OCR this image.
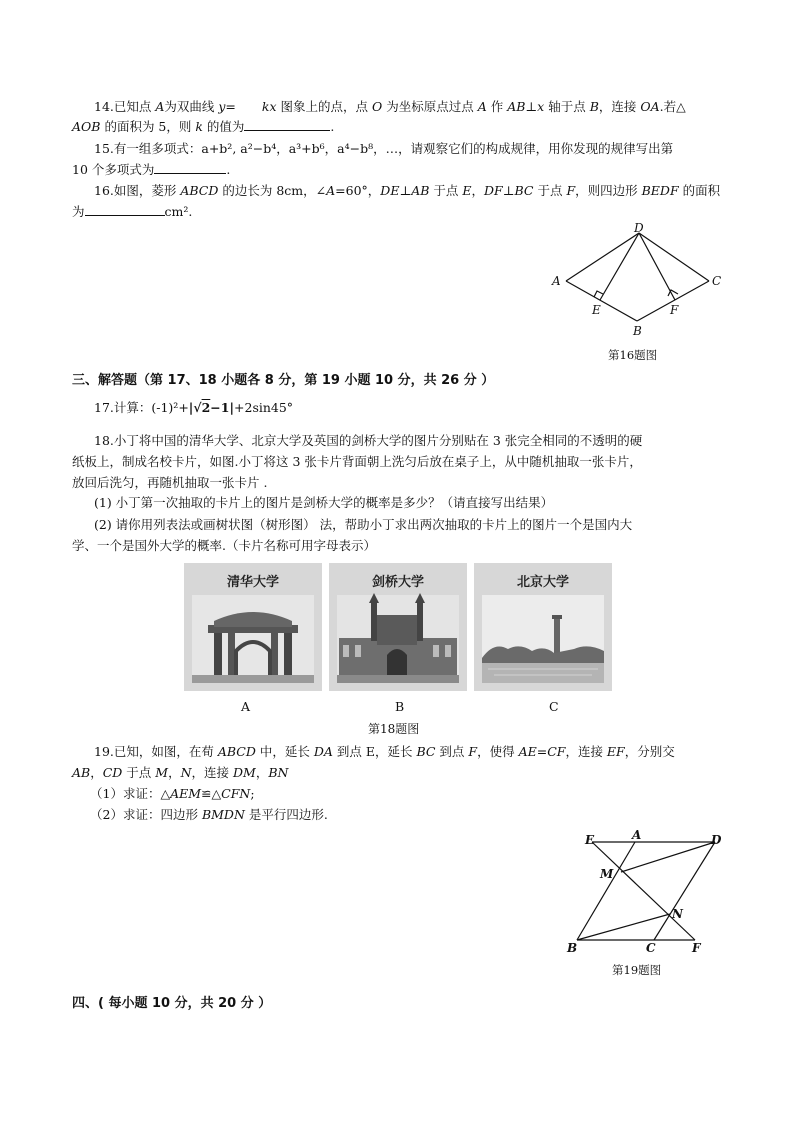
14.已知点 A为双曲线 y= kx 图象上的点，点 O 为坐标原点过点 A 作 AB⊥x 轴于点 B，连接 OA.若△
AOB 的面积为 5，则 k 的值为	.
15.有一组多项式：a+b², a²−b⁴，a³+b⁶，a⁴−b⁸，…，请观察它们的构成规律，用你发现的规律写出第
10 个多项式为	.
16.如图，菱形 ABCD 的边长为 8cm，∠A=60°，DE⊥AB 于点 E，DF⊥BC 于点 F，则四边形 BEDF 的面积
为	cm².
A
B
C
D
E	F
第16题图
三、解答题（第 17、18 小题各 8 分，第 19 小题 10 分，共 26 分 ）
17.计算：(-1)²+|√2−1|+2sin45°
18.小丁将中国的清华大学、北京大学及英国的剑桥大学的图片分别贴在 3 张完全相同的不透明的硬
纸板上，制成名校卡片，如图.小丁将这 3 张卡片背面朝上洗匀后放在桌子上，从中随机抽取一张卡片，
放回后洗匀，再随机抽取一张卡片 .
(1) 小丁第一次抽取的卡片上的图片是剑桥大学的概率是多少？（请直接写出结果）
(2) 请你用列表法或画树状图（树形图） 法，帮助小丁求出两次抽取的卡片上的图片一个是国内大
学、一个是国外大学的概率.（卡片名称可用字母表示）
清华大学	剑桥大学	北京大学
A	B	C
第18题图
19.已知，如图，在荀 ABCD 中，延长 DA 到点 E，延长 BC 到点 F，使得 AE=CF，连接 EF，分别交
AB，CD 于点 M，N，连接 DM，BN
（1）求证：△AEM≌△CFN;
（2）求证：四边形 BMDN 是平行四边形.
E	A	D
M
N
B	C	F
第19题图
四、( 每小题 10 分，共 20 分 ）
